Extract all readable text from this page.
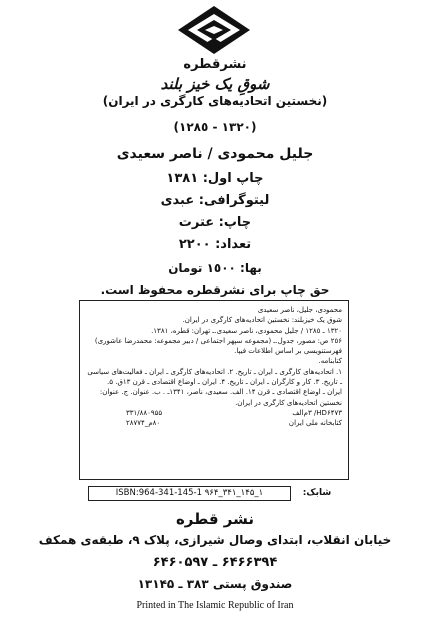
نشرقطره
شوقِ یک خیز بلند
(نخستین اتحادیه‌های کارگری در ایران)
(١٣٢٠ - ١٢٨٥)
جلیل محمودی / ناصر سعیدی
چاپ اول: ١٣٨١
لیتوگرافی: عبدی
چاپ: عترت
تعداد: ٢٢٠٠
بها: ١٥٠٠ تومان
حق چاپ برای نشرقطره محفوظ است.
محمودی، جلیل، ناصر سعیدی
شوق یک خیزبلند: نخستین اتحادیه‌های کارگری در ایران.
١٣٢٠ ـ ١٢٨٥ / جلیل محمودی، ناصر سعیدی.ـ تهران: قطره، ١٣٨١.
٢٥۶ ص: مصور، جدول.ـ (مجموعه سپهر اجتماعی / دبیر مجموعه: محمدرضا عاشوری)
فهرستنویسی بر اساس اطلاعات فیپا.
کتابنامه.
١. اتحادیه‌های کارگری ـ ایران ـ تاریخ. ٢. اتحادیه‌های کارگری ـ ایران ـ فعالیت‌های سیاسی
ـ تاریخ. ٣. کار و کارگران ـ ایران ـ تاریخ. ۴. ایران ـ اوضاع اقتصادی ـ قرن ١٣ق. ۵.
ایران ـ اوضاع اقتصادی ـ قرن ١۴. الف. سعیدی، ناصر، ١٣۴١ـ . ب. عنوان. ج. عنوان:
نخستین اتحادیه‌های کارگری در ایران.
HD۶۴٧٣/ ٣م‌الف
٣٣١/٨٨٠٩۵۵
کتابخانه ملی ایران
٨٠م_٢٨٧٧۴
شابک:
ISBN:964-341-145-1 ٩۶۴_٣۴١_١۴۵_١
نشر قطره
خیابان انقلاب، ابتدای وصال شیرازی، پلاک ٩، طبقه‌ی همکف
۶۴۶۶٣٩۴ ـ ۶۴۶٠۵٩٧
صندوق پستی ٣٨٣ ـ ١٣١۴۵
Printed in The Islamic Republic of Iran
